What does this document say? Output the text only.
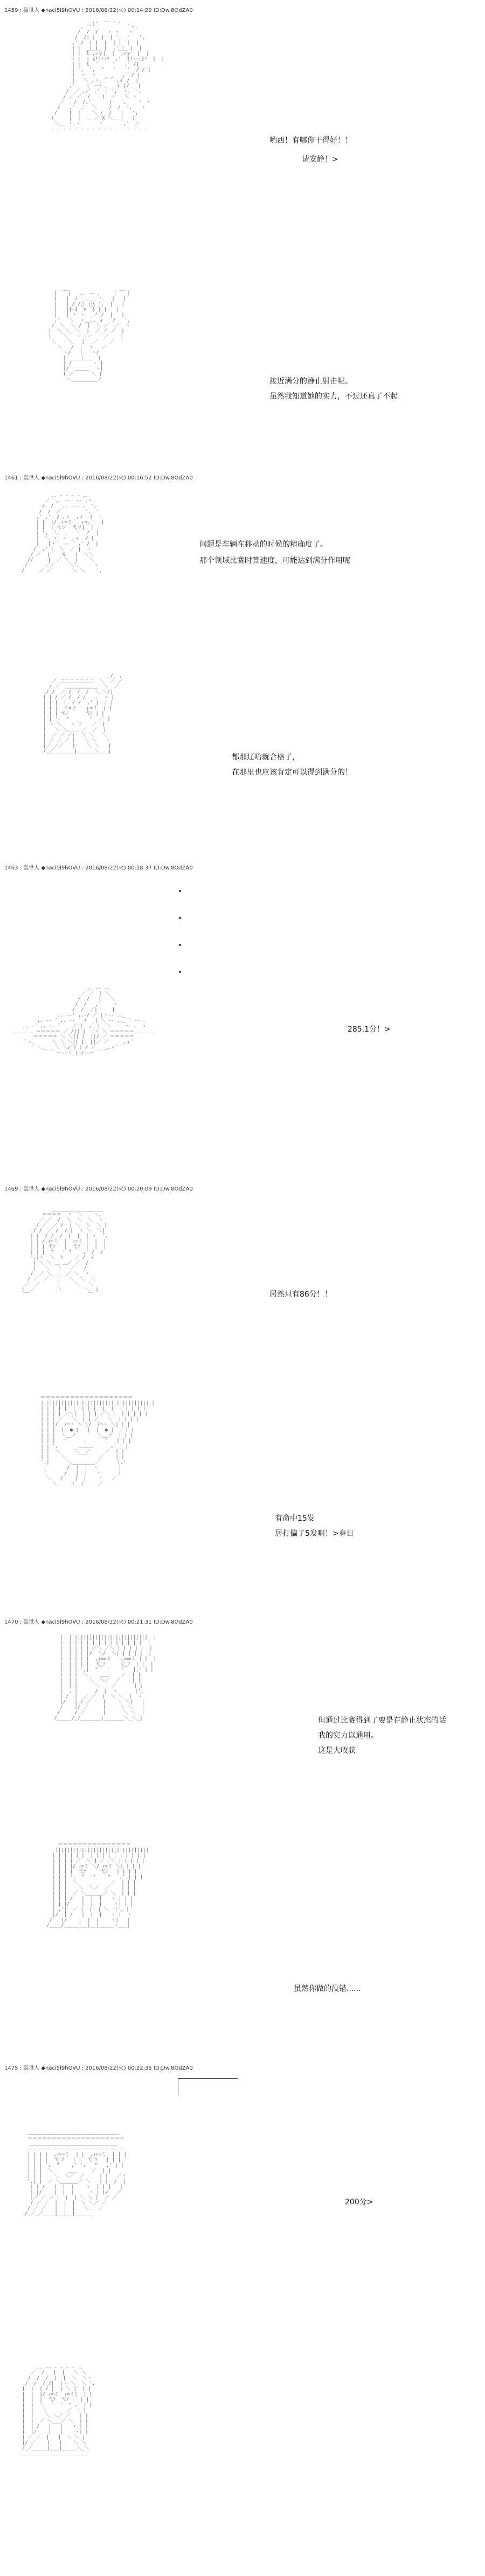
1459 : 轰世人 ◆naci5l9hOVU : 2016/08/22(火) 00:14:29 ID:Dw.8OdZA0
,.  -‐ - 、
, ''"           `ヽ、
/  /  /   ヽ ヽ   ヽ
/  /| |  |  | ',  '   ',
,' /  | |  |  | |  |  |
| |  _|_|_ |  ,'_|_ |  |
| |  l ,=ｙ|  |  ,=ｙ  |  |
l |  | {!:::ｿ  ,'  {!:::}ﾉ  |  |
| |  l  ¨     ¨   ,' /|
| ',  ',  "   '    "  / / |
|  ヽ  ヽ   _ _   ,' / |
|   ＼ .ヽ､ ` ´ ,イ /  |
,'    |｀ーｧ ､__ イ |/   |
/  ／ ,ｨ´ ,'  | ',  ヽ、 ',
/ ／ ／  /    |  ヽ   ＼ ヽ
／   /  /,'      |   ',    ヽ ヽ
/   ,'  ,'  ＼    /  /  ',   ヽ
/    |  |    ＼ /  /   |   ',
(     |  |  ＿ ／ X ＼＿ |   )
＼__ ヽ ヽ      ヽ       ,'  ／
- - - - - - - - - - - - - - - - -
哟西！有哪你干得好！！
请安静！>
______              ______
|  ￣|   ,. -- 、    | ￣ |
|   |  /  ____ ヽ   |   |
|   | / /ﾟ  ﾟ\ ',  |   |
|   |{ {  ▽  } } |   |
|   | ヽ ヽ___ノ /  |   |
,'   ＼  ヽ__,. ィ   /   ',
/  ＼  ＼ /  |  ＼ ／  ／  ヽ
|  ＼ ＼_ ＼  |  ／_／ ／  |
|    ＼   ー |ー    ／    |
＼    ＼___|___／    ／
＼   /  |  ヽ   ／
ヽ/   |   ヽ/
|  ___|___  |
| /       ヽ |
|/  ＿＿＿  ヽ|
( ／      ＼ )
ヽ_________ノ	接近满分的静止射击呢。
虽然我知道她的实力，不过还真了不起
1461 : 轰世人 ◆naci5l9hOVU : 2016/08/22(火) 00:16:52 ID:Dw.8OdZA0
,. - ‐ ‐ - .、
／  ,. -‐  ‐- .ヽ
/  /   ,. -‐- 、 ',
/  /  ／        ',  '
,' ,'  / ,ィ  ,ィ  |  |
| |  |/ ィ=ミ｀ ィ=、|  |
| |  | 弋ソ  弋ソ|  |
| ',  ',  ､   '  ノ  |
|  ＼ ヽ  ｰ  ,ィ  / |
|   |ヽ｀ -‐ ´ ,' /  |
/  ,' |  ＼  ／ |  ヽ
/ ／  |    ｘ   |  ＼＼
//     |  ／ ＼  |    ＼
/      ／／     ＼＼     ヽ
/     ／ ／       ＼ ＼    ',
问题是车辆在移动的时候的精确度了。
那个领域比赛时算速度，可能达到满分作用呢
_______________   _/_ ,
／ 二二二二二二二  ＼  ／ ／
/ ／  ___________  ＼  ／
/ /  ／ /  /  /  ＼ ＼/|
| | / ／ /  / /   ,  ヽ |
| | |  |  / /  ,' |  | |
| | |  イ=ミ   ィ=ミ  | |
| | | 弋ﾉ      弋ﾉ | |
| | ',  "  __   "  ,' |
| ヽ ＼   ヽ ノ   ／  |
|   ＼ ＼____ ／  ／  |
|  ／ ／ ／|  ＼ ＼   ＼
| ／ ／ ／ |   ＼ ＼   ヽ
|／ ／／   |    ＼ ＼   |
/ ／       |      ＼   |
￣￣￣￣￣￣￣￣￣￣￣￣￣	都那辽哈就合格了，
在那里也应该肯定可以得到满分的！
1463 : 轰世人 ◆naci5l9hOVU : 2016/08/22(火) 00:18:37 ID:Dw.8OdZA0
•
•
•
•
,. -‐ -、
／ ／  | ＼
/  /   |   ＼
/  /   ,'    ヽ
/  /  ／|     |
,. -‐' ,.-/ ／ |ヽ‐- .,_
,. -‐ ´ ,. -‐ ´ ｲ   | ＼ ｰ- .,_ ` ‐- 、
,. ‐´ ,. -‐ ´    ／ |  ,' |  ＼     ｰ- 、 ヽ
＿＿＿＿ ＝＝＝＝＝ ／ /|| |  |ヽ ＼ ＝＝＝＝＝＿＿＿＿
￣￣￣￣ ＝＝＝＝＝ ＼ ＼|| |  ||/ ／ ＝＝＝＝＝￣￣￣￣
｀ヽ､      ＼ ＼ ＼|| |  ||／ ／     ,ィ´
｀ヽ､_   ＼ ＼/|| | / ／   _,ィ´
￣ ー--ヽ_|_/--ー ￣
285.1分！>
1469 : 轰世人 ◆naci5l9hOVU : 2016/08/22(火) 00:20:09 ID:Dw.8OdZA0
__________________
＝＝＝＝  ヽ  ＼  ｀ヽ､
／ ／  /  ＼  ＼  ＼  ヽ
/ ／  ／ /  | ＼  ＼  ＼ |
/ /  ／ /  / |  ヽ ＼  ＼|
| |  / /  /  |  |  | ヽ  ',
| | / ｨ=ミ  |  ｨ=ミ |  |  |
| | | 弋ｿ   |  弋ｿ  |  |  |
| | |  "   ' "    ,' /  /
',|ヽ  ＼  ﾛ    ／ /  /
| ＼ ＼ ＿ ＿／ ／  /
|   ＼   |   ／   /
/  ／ ＼__|__／ ＼  ヽ
/ ／  ／   |   ＼  ＼  ＼
／  ／      |     ＼   ＼
(  ／       _|_       ＼  )
￣                    ￣	居然只有86分！！
＝＝＝＝＝＝＝＝＝＝＝＝＝＝＝＝＝＝＝
|||||||||||||||||||||||||||||||||||||||
| | | | |  |  | | |  |  |  | | | | |
| | | | ／＼|  | | | ／＼ |  | | | | |
| | | ／   ＼  | | ／   ＼  | | | |
| | |/  /⌒ヽ ＼ |/  /⌒ヽ ＼| | |
| | |  |  ● |   |  |  ● |  | | |
| | |  ヽ__ノ       ヽ__ノ  | | |
| | |   "      ,      "   | | |
| | ',       ＿＿＿      ,' | |
| |  ＼     ＼  ／     ／  | |
| |    ＼    ￣￣    ／    | |
',|      ＼________／      |,'
|       /  |  |  ヽ       |
|      /   |  |   ヽ      |
＼   /    |  |    ヽ   ／
＼_____|__|_____／
有命中15发
居打偏了5发啊！>春日
1470 : 轰世人 ◆naci5l9hOVU : 2016/08/22(火) 00:21:31 ID:Dw.8OdZA0
|  |||||||||||||||||||||||||||  |
|  | | | | | | | | | | | | |  |
|  | | | | ／＼ ／＼ | | | | |  |
|  | | | |/  ＼/  ＼| | | | |  |
|  | | | |  ,ｨ==ミ   ,ｨ==ミ | |  |
|  | | | |  弋_ｿ     弋_ｿ  | |  |
|  | | ',|  "   '    "   |,' | |
|  | |  ＼    ＿＿    ／  | |
|  | |    ＼  ＼／  ／    | |
|  | |      ＼____／      | |
|  ,'|      /  |  ヽ      |',
| /  |  ／ ／  |  ＼ ＼  |  ヽ
|/   | / ／    |    ＼ ＼|   |
/    |/ ／     |     ＼ ＼   |
/     / ／      |      ＼ ＼  |
/_____/_/_______|_______＼_＼_|	但通过比赛得到了要是在静止状态的话
我的实力以通用。
这是大收获
＝＝＝＝＝＝＝＝＝＝＝＝＝＝＝
||||||||||||||||||||||||||||||||
| | | | | |  | | | | | | | | | |
| | | | ／  ＼ | ／  ＼ | | | | |
| | | |/ ｨ=ミ ＼/ ｨ=ミ ＼| | | |
| | | |  弋ｿ     弋ｿ   | | | |
| | | ',  "   '    "   ,' | | |
| | |  ＼    ＿＿    ／  | | |
| | |    ＼  ＼／  ／    | | |
| | |  ／ ＼______／ ＼  | | |
| | | /   |  |  |   ヽ | | |
| | |/    |  |  |    ヽ| | |
| ,'|  ／ |  |  | ＼  |', |
|/  | /   |  |  |   ヽ |  ヽ
/   |/    |  |  |    ヽ|   |
/____/_____|__|__|_____ヽ___|
虽然你做的没错......
1475 : 轰世人 ◆naci5l9hOVU : 2016/08/22(火) 00:22:35 ID:Dw.8OdZA0
＿＿＿＿＿＿＿＿＿＿＿＿＿＿＿＿＿＿＿
＝＝＝＝＝＝＝＝＝＝＝＝＝＝＝＝＝＝＝＝
＿＿＿＿＿＿＿＿＿＿＿＿＿＿＿＿＿＿
＝＝＝＝＝＝＝＝＝＝＝＝＝＝＝＝＝＝＝＝
| | | |  ,ｨ==ミ  | |  ,ｨ==ミ  | | |
| | | |  弋_ｿ   | |  弋_ｿ   | | |
| | | ',  "    ,' ',   "   ,' | |
| | |  ＼     ＿＿     ／  | |
| | |    ＼  ＼／  ／     | |   ／ヽ
',| |  ／ ＼______／ ＼   | |  /  |
| | /   |  |  |    ヽ  | | |   |
| |/    |  |  |     ヽ | |/   ／
|／ ／ ／ |  |  | ＼ ＼ |  ／ ／
/ ／ ／  |  |  |  ＼ ＼／ ／
/ ／ ／   |  |  |   ＼＿＿／
/_／_／____|__|__|______
200分>
,. -‐ ‐ ‐ ‐ - .、
／  /   |  |   ＼ ＼
/  /  /  |  |  ＼  ＼ヽ
/  /  / /|  |ヽ ＼  ＼ ',
|  |  | / |  | ＼ |  | |
|  |  |/ ｨ=ミ  ｨ=ミ|  | |
|  |  |  弋ｿ  弋ｿ |  | |
|  |  ',  "  '  " ,' | |
|  |   ＼   ＿  ／  | |
|  |    ＼ ＼／ ／   | |
|  |  ／ ＼___／ ＼  | |
|  | /   |   |   ヽ | |
|  |/    |   |    ヽ| |
| ／ ／  |   |  ＼ ＼ |
|/ ／    |   |    ＼ ＼
/_／_____|___|_____＼_＼
＿＿＿＿＿＿＿＿＿＿＿＿＿＿
